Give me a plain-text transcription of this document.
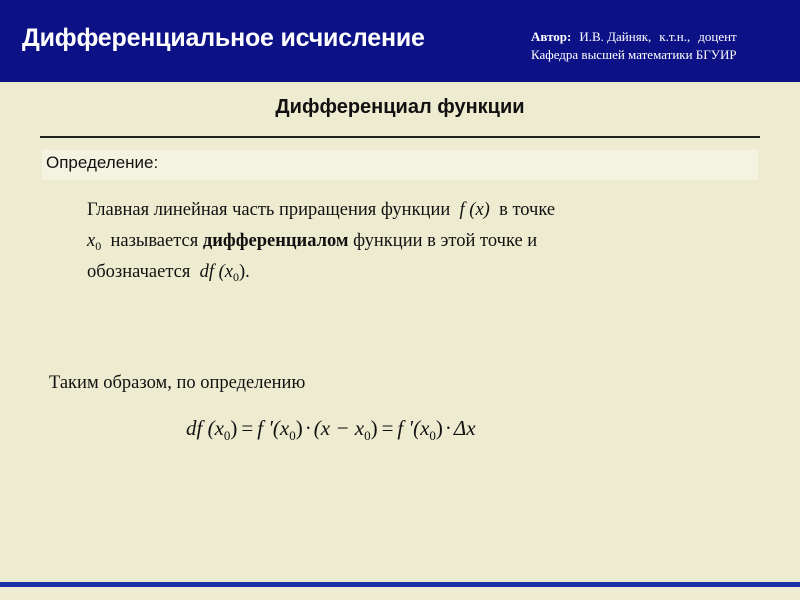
Дифференциальное исчисление	Автор: И.В. Дайняк, к.т.н., доцент
Кафедра высшей математики БГУИР
Дифференциал функции
Определение:
Главная линейная часть приращения функции f (x) в точке
$x_0$ называется дифференциалом функции в этой точке и
обозначается df $(x_0)$.
Таким образом, по определению
df $(x_0) = f$ $'(x_0)\cdot(x - x_0) = f$ $'(x_0)\cdot\Delta x$
